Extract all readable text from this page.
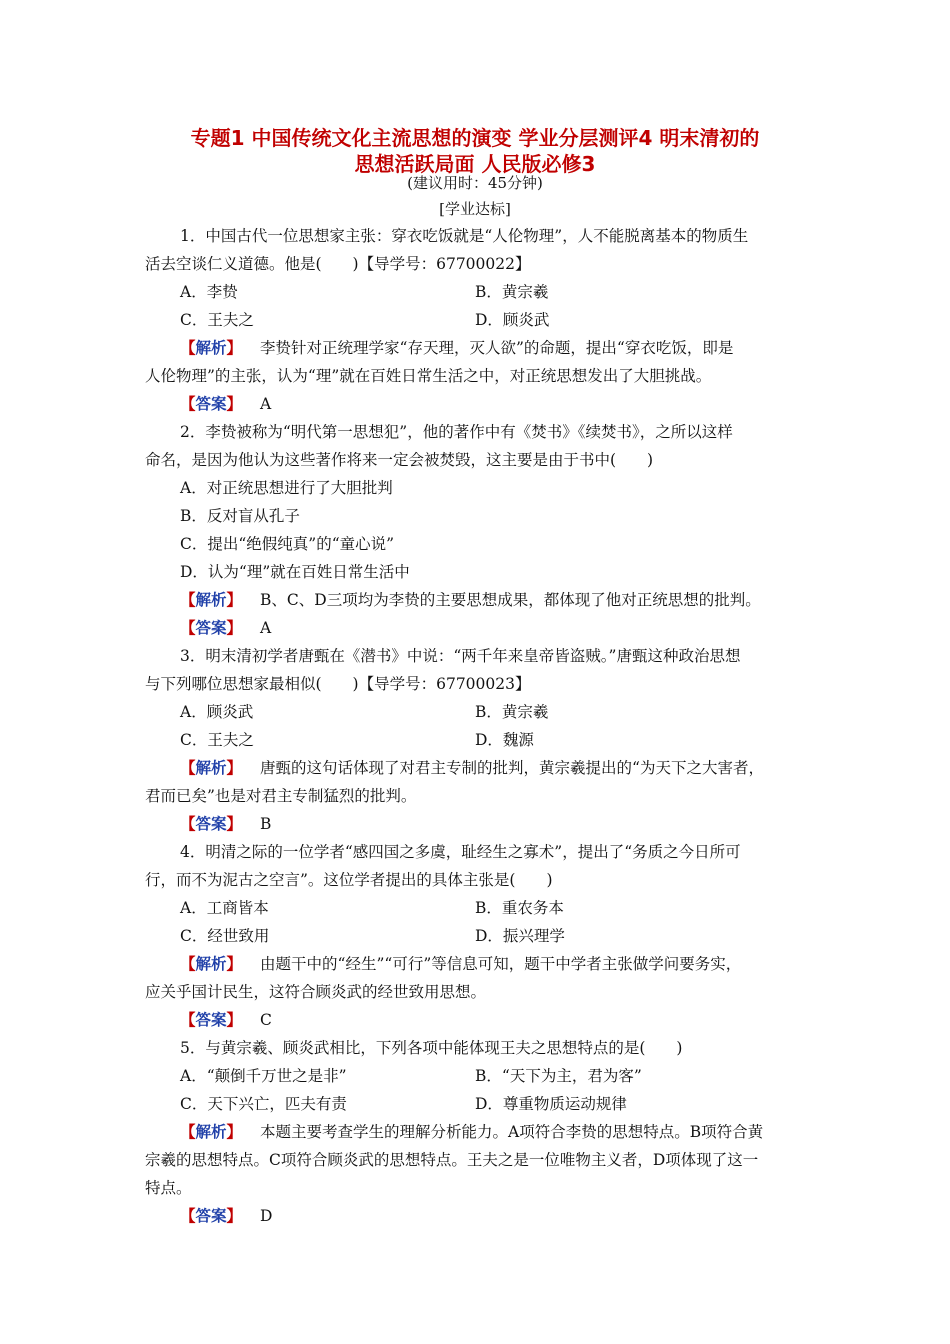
专题1 中国传统文化主流思想的演变 学业分层测评4 明末清初的
思想活跃局面 人民版必修3
(建议用时：45分钟)
[学业达标]

1．中国古代一位思想家主张：穿衣吃饭就是“人伦物理”，人不能脱离基本的物质生

活去空谈仁义道德。他是(　　)【导学号：67700022】

A．李贽	B．黄宗羲
C．王夫之	D．顾炎武

【解析】 李贽针对正统理学家“存天理，灭人欲”的命题，提出“穿衣吃饭，即是

人伦物理”的主张，认为“理”就在百姓日常生活之中，对正统思想发出了大胆挑战。

【答案】 A

2．李贽被称为“明代第一思想犯”，他的著作中有《焚书》《续焚书》，之所以这样

命名，是因为他认为这些著作将来一定会被焚毁，这主要是由于书中(　　)

A．对正统思想进行了大胆批判
B．反对盲从孔子
C．提出“绝假纯真”的“童心说”
D．认为“理”就在百姓日常生活中

【解析】 B、C、D三项均为李贽的主要思想成果，都体现了他对正统思想的批判。

【答案】 A

3．明末清初学者唐甄在《潜书》中说：“两千年来皇帝皆盗贼。”唐甄这种政治思想

与下列哪位思想家最相似(　　)【导学号：67700023】

A．顾炎武	B．黄宗羲
C．王夫之	D．魏源

【解析】 唐甄的这句话体现了对君主专制的批判，黄宗羲提出的“为天下之大害者，

君而已矣”也是对君主专制猛烈的批判。

【答案】 B

4．明清之际的一位学者“感四国之多虞，耻经生之寡术”，提出了“务质之今日所可

行，而不为泥古之空言”。这位学者提出的具体主张是(　　)

A．工商皆本	B．重农务本
C．经世致用	D．振兴理学

【解析】 由题干中的“经生”“可行”等信息可知，题干中学者主张做学问要务实，

应关乎国计民生，这符合顾炎武的经世致用思想。

【答案】 C

5．与黄宗羲、顾炎武相比，下列各项中能体现王夫之思想特点的是(　　)

A．“颠倒千万世之是非”	B．“天下为主，君为客”
C．天下兴亡，匹夫有责	D．尊重物质运动规律

【解析】 本题主要考查学生的理解分析能力。A项符合李贽的思想特点。B项符合黄

宗羲的思想特点。C项符合顾炎武的思想特点。王夫之是一位唯物主义者，D项体现了这一

特点。

【答案】 D
